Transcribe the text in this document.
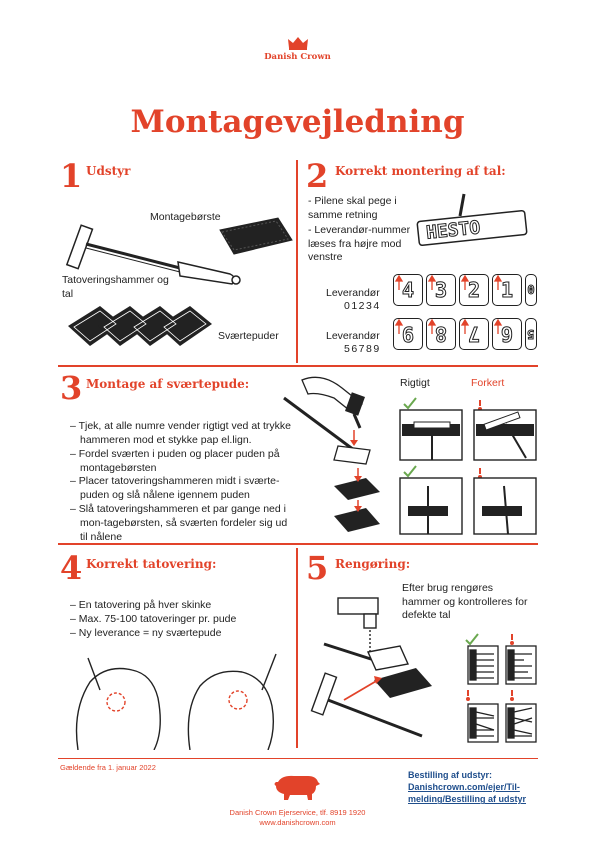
Danish Crown
Montagevejledning
1 Udstyr
Montagebørste
Tatoveringshammer og tal
Sværtepuder
2 Korrekt montering af tal:
- Pilene skal pege i samme retning
- Leverandør-nummer læses fra højre mod venstre
HESTO
Leverandør
01234
Leverandør
56789
4 3 2 1 0
9 8 7 6 5
3 Montage af sværtepude:
– Tjek, at alle numre vender rigtigt ved at trykke hammeren mod et stykke pap el.lign.
– Fordel sværten i puden og placer puden på montagebørsten
– Placer tatoveringshammeren midt i sværte-puden og slå nålene igennem puden
– Slå tatoveringshammeren et par gange ned i mon-tagebørsten, så sværten fordeler sig ud til nålene
Rigtigt	Forkert
4 Korrekt tatovering:
– En tatovering på hver skinke
– Max. 75-100 tatoveringer pr. pude
– Ny leverance = ny sværtepude
5 Rengøring:
Efter brug rengøres hammer og kontrolleres for defekte tal
Gældende fra 1. januar 2022
Danish Crown Ejerservice, tlf. 8919 1920
www.danishcrown.com
Bestilling af udstyr:
Danishcrown.com/ejer/Til-
melding/Bestilling af udstyr
